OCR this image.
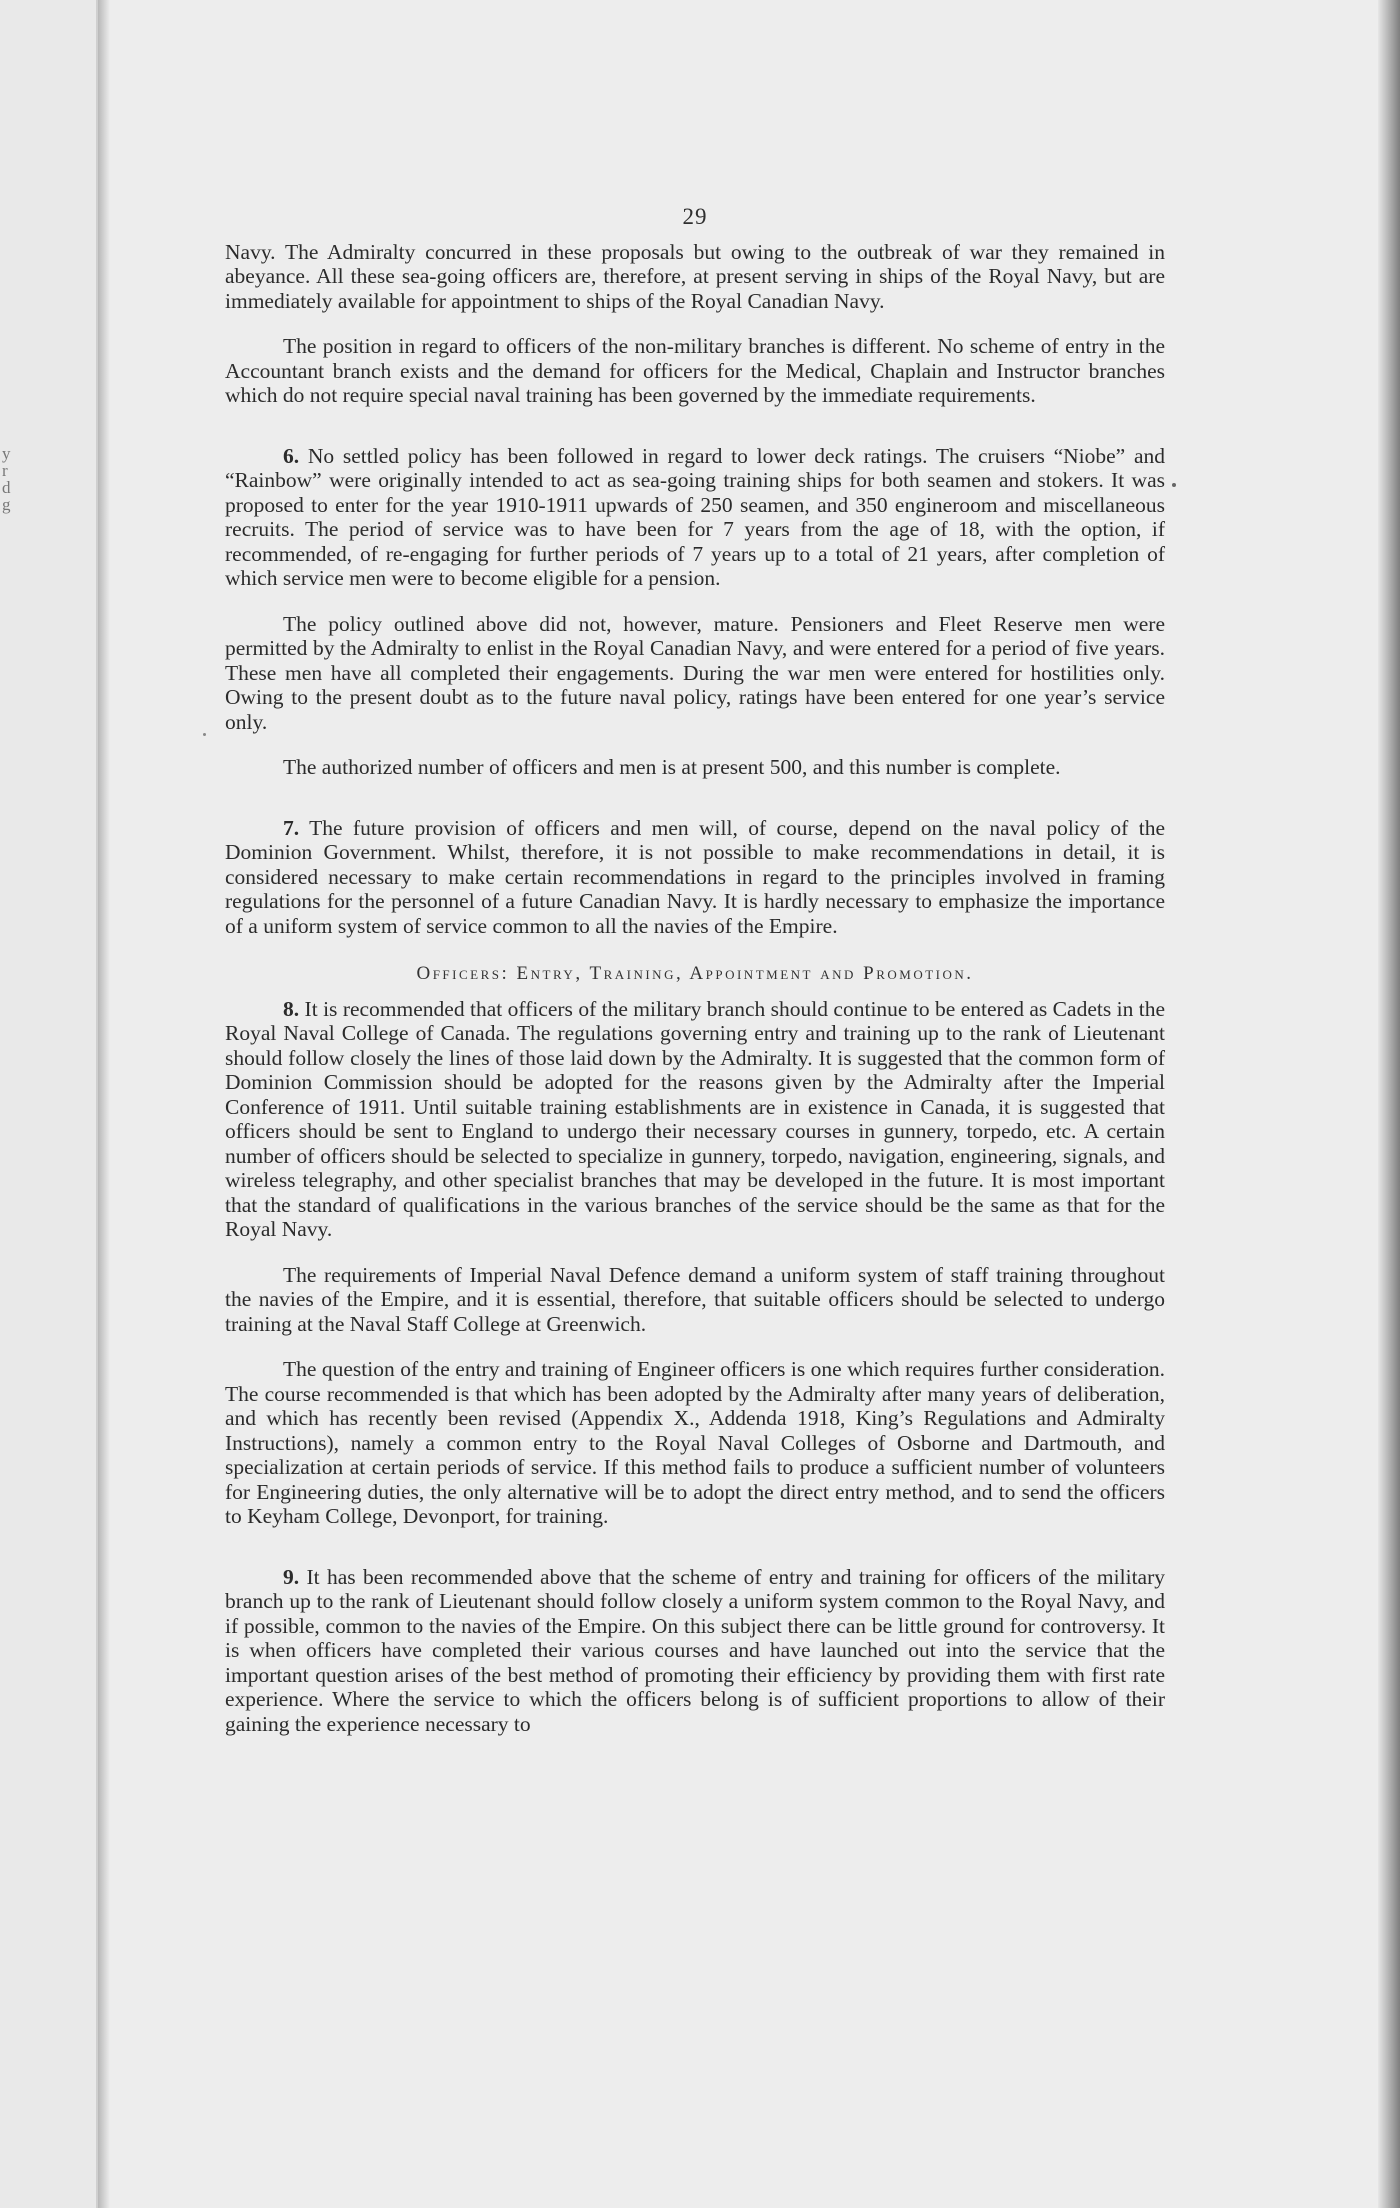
y
r
d
g
29

Navy. The Admiralty concurred in these proposals but owing to the outbreak of war they remained in abeyance. All these sea-going officers are, therefore, at present serving in ships of the Royal Navy, but are immediately available for appointment to ships of the Royal Canadian Navy.

The position in regard to officers of the non-military branches is different. No scheme of entry in the Accountant branch exists and the demand for officers for the Medical, Chaplain and Instructor branches which do not require special naval training has been governed by the immediate requirements.

6. No settled policy has been followed in regard to lower deck ratings. The cruisers “Niobe” and “Rainbow” were originally intended to act as sea-going training ships for both seamen and stokers. It was proposed to enter for the year 1910-1911 upwards of 250 seamen, and 350 engineroom and miscellaneous recruits. The period of service was to have been for 7 years from the age of 18, with the option, if recommended, of re-engaging for further periods of 7 years up to a total of 21 years, after completion of which service men were to become eligible for a pension.

The policy outlined above did not, however, mature. Pensioners and Fleet Reserve men were permitted by the Admiralty to enlist in the Royal Canadian Navy, and were entered for a period of five years. These men have all completed their engagements. During the war men were entered for hostilities only. Owing to the present doubt as to the future naval policy, ratings have been entered for one year’s service only.

The authorized number of officers and men is at present 500, and this number is complete.

7. The future provision of officers and men will, of course, depend on the naval policy of the Dominion Government. Whilst, therefore, it is not possible to make recommendations in detail, it is considered necessary to make certain recommendations in regard to the principles involved in framing regulations for the personnel of a future Canadian Navy. It is hardly necessary to emphasize the importance of a uniform system of service common to all the navies of the Empire.

Officers: Entry, Training, Appointment and Promotion.

8. It is recommended that officers of the military branch should continue to be entered as Cadets in the Royal Naval College of Canada. The regulations governing entry and training up to the rank of Lieutenant should follow closely the lines of those laid down by the Admiralty. It is suggested that the common form of Dominion Commission should be adopted for the reasons given by the Admiralty after the Imperial Conference of 1911. Until suitable training establishments are in existence in Canada, it is suggested that officers should be sent to England to undergo their necessary courses in gunnery, torpedo, etc. A certain number of officers should be selected to specialize in gunnery, torpedo, navigation, engineering, signals, and wireless telegraphy, and other specialist branches that may be developed in the future. It is most important that the standard of qualifications in the various branches of the service should be the same as that for the Royal Navy.

The requirements of Imperial Naval Defence demand a uniform system of staff training throughout the navies of the Empire, and it is essential, therefore, that suitable officers should be selected to undergo training at the Naval Staff College at Greenwich.

The question of the entry and training of Engineer officers is one which requires further consideration. The course recommended is that which has been adopted by the Admiralty after many years of deliberation, and which has recently been revised (Appendix X., Addenda 1918, King’s Regulations and Admiralty Instructions), namely a common entry to the Royal Naval Colleges of Osborne and Dartmouth, and specialization at certain periods of service. If this method fails to produce a sufficient number of volunteers for Engineering duties, the only alternative will be to adopt the direct entry method, and to send the officers to Keyham College, Devonport, for training.

9. It has been recommended above that the scheme of entry and training for officers of the military branch up to the rank of Lieutenant should follow closely a uniform system common to the Royal Navy, and if possible, common to the navies of the Empire. On this subject there can be little ground for controversy. It is when officers have completed their various courses and have launched out into the service that the important question arises of the best method of promoting their efficiency by providing them with first rate experience. Where the service to which the officers belong is of sufficient proportions to allow of their gaining the experience necessary to
